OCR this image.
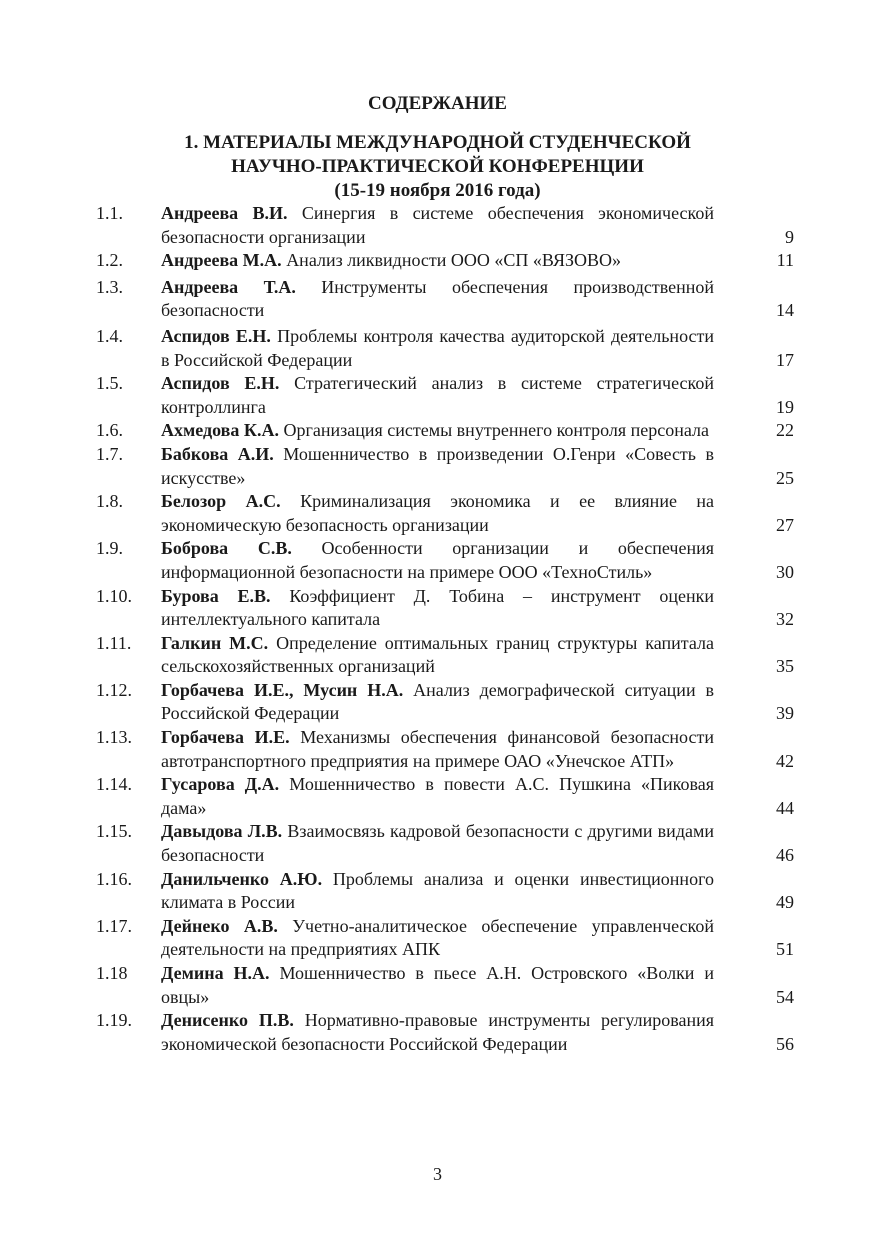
СОДЕРЖАНИЕ
1. МАТЕРИАЛЫ МЕЖДУНАРОДНОЙ СТУДЕНЧЕСКОЙ
НАУЧНО-ПРАКТИЧЕСКОЙ КОНФЕРЕНЦИИ
(15-19 ноября 2016 года)
1.1. Андреева В.И. Синергия в системе обеспечения экономической безопасности организации	9
1.2. Андреева М.А. Анализ ликвидности ООО «СП «ВЯЗОВО»	11
1.3. Андреева Т.А. Инструменты обеспечения производственной безопасности	14
1.4. Аспидов Е.Н. Проблемы контроля качества аудиторской деятельности в Российской Федерации	17
1.5. Аспидов Е.Н. Стратегический анализ в системе стратегической контроллинга	19
1.6. Ахмедова К.А. Организация системы внутреннего контроля персонала	22
1.7. Бабкова А.И. Мошенничество в произведении О.Генри «Совесть в искусстве»	25
1.8. Белозор А.С. Криминализация экономика и ее влияние на экономическую безопасность организации	27
1.9. Боброва С.В. Особенности организации и обеспечения информационной безопасности на примере ООО «ТехноСтиль»	30
1.10. Бурова Е.В. Коэффициент Д. Тобина – инструмент оценки интеллектуального капитала	32
1.11. Галкин М.С. Определение оптимальных границ структуры капитала сельскохозяйственных организаций	35
1.12. Горбачева И.Е., Мусин Н.А. Анализ демографической ситуации в Российской Федерации	39
1.13. Горбачева И.Е. Механизмы обеспечения финансовой безопасности автотранспортного предприятия на примере ОАО «Унечское АТП»	42
1.14. Гусарова Д.А. Мошенничество в повести А.С. Пушкина «Пиковая дама»	44
1.15. Давыдова Л.В. Взаимосвязь кадровой безопасности с другими видами безопасности	46
1.16. Данильченко А.Ю. Проблемы анализа и оценки инвестиционного климата в России	49
1.17. Дейнеко А.В. Учетно-аналитическое обеспечение управленческой деятельности на предприятиях АПК	51
1.18 Демина Н.А. Мошенничество в пьесе А.Н. Островского «Волки и овцы»	54
1.19. Денисенко П.В. Нормативно-правовые инструменты регулирования экономической безопасности Российской Федерации	56
3
